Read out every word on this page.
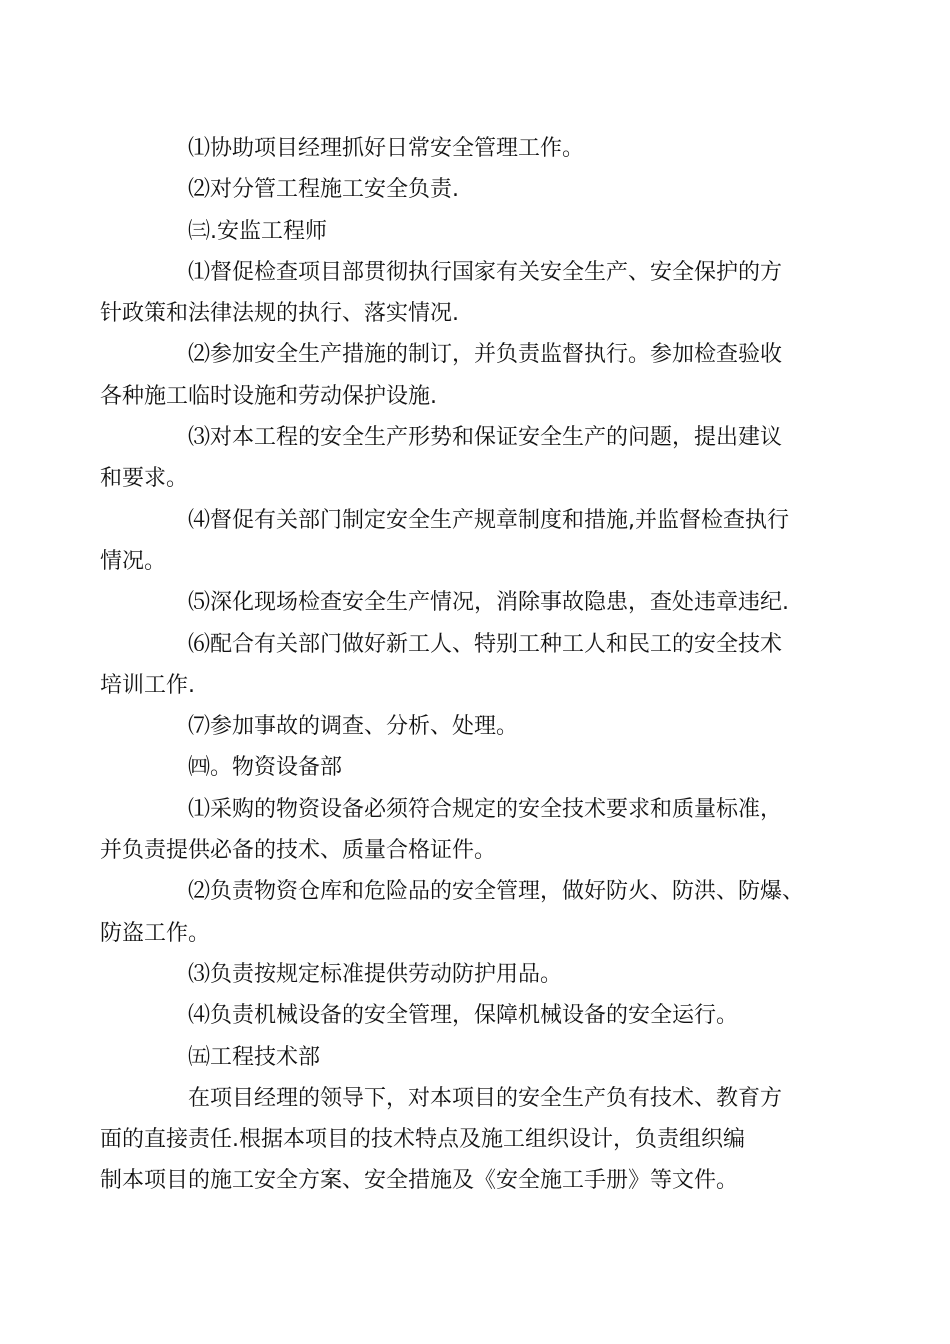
⑴协助项目经理抓好日常安全管理工作。

⑵对分管工程施工安全负责.

㈢.安监工程师

⑴督促检查项目部贯彻执行国家有关安全生产、安全保护的方
针政策和法律法规的执行、落实情况.

⑵参加安全生产措施的制订，并负责监督执行。参加检查验收
各种施工临时设施和劳动保护设施.

⑶对本工程的安全生产形势和保证安全生产的问题，提出建议
和要求。

⑷督促有关部门制定安全生产规章制度和措施,并监督检查执行
情况。

⑸深化现场检查安全生产情况，消除事故隐患，查处违章违纪.

⑹配合有关部门做好新工人、特别工种工人和民工的安全技术
培训工作.

⑺参加事故的调查、分析、处理。

㈣。物资设备部

⑴采购的物资设备必须符合规定的安全技术要求和质量标准，
并负责提供必备的技术、质量合格证件。

⑵负责物资仓库和危险品的安全管理，做好防火、防洪、防爆、
防盗工作。

⑶负责按规定标准提供劳动防护用品。

⑷负责机械设备的安全管理，保障机械设备的安全运行。

㈤工程技术部

在项目经理的领导下，对本项目的安全生产负有技术、教育方
面的直接责任.根据本项目的技术特点及施工组织设计，负责组织编
制本项目的施工安全方案、安全措施及《安全施工手册》等文件。
